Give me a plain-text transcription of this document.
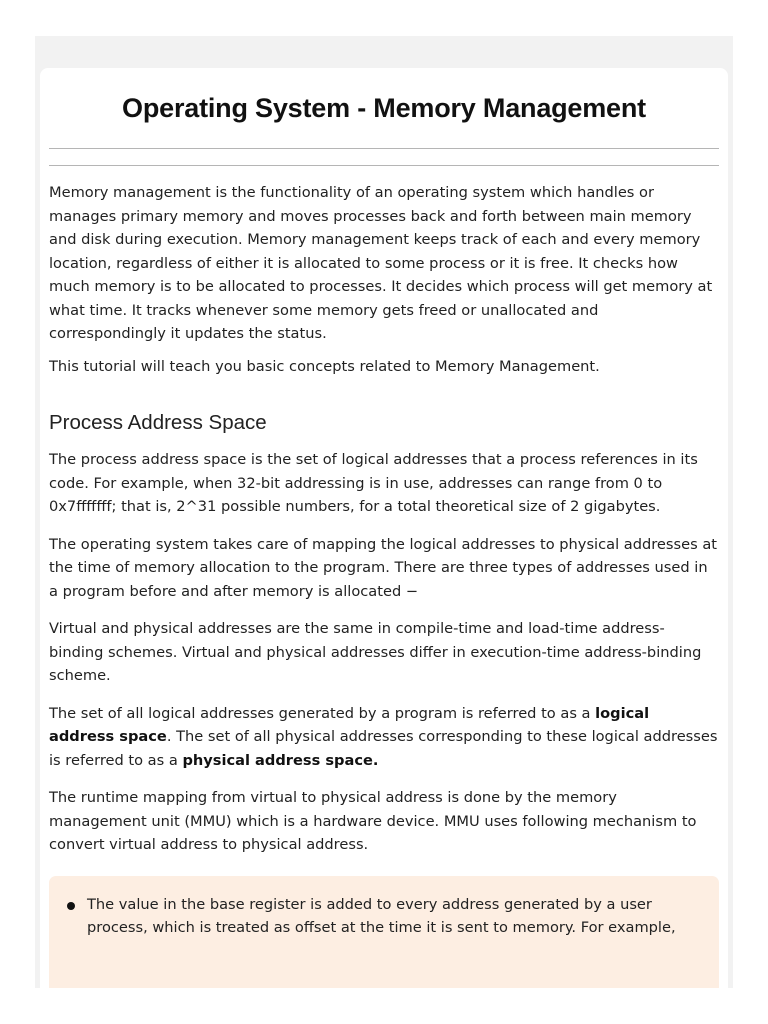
Operating System - Memory Management

Memory management is the functionality of an operating system which handles or manages primary memory and moves processes back and forth between main memory and disk during execution. Memory management keeps track of each and every memory location, regardless of either it is allocated to some process or it is free. It checks how much memory is to be allocated to processes. It decides which process will get memory at what time. It tracks whenever some memory gets freed or unallocated and correspondingly it updates the status.

This tutorial will teach you basic concepts related to Memory Management.

Process Address Space

The process address space is the set of logical addresses that a process references in its code. For example, when 32-bit addressing is in use, addresses can range from 0 to 0x7fffffff; that is, 2^31 possible numbers, for a total theoretical size of 2 gigabytes.

The operating system takes care of mapping the logical addresses to physical addresses at the time of memory allocation to the program. There are three types of addresses used in a program before and after memory is allocated −

Virtual and physical addresses are the same in compile-time and load-time address-binding schemes. Virtual and physical addresses differ in execution-time address-binding scheme.

The set of all logical addresses generated by a program is referred to as a logical address space. The set of all physical addresses corresponding to these logical addresses is referred to as a physical address space.

The runtime mapping from virtual to physical address is done by the memory management unit (MMU) which is a hardware device. MMU uses following mechanism to convert virtual address to physical address.

The value in the base register is added to every address generated by a user process, which is treated as offset at the time it is sent to memory. For example,
